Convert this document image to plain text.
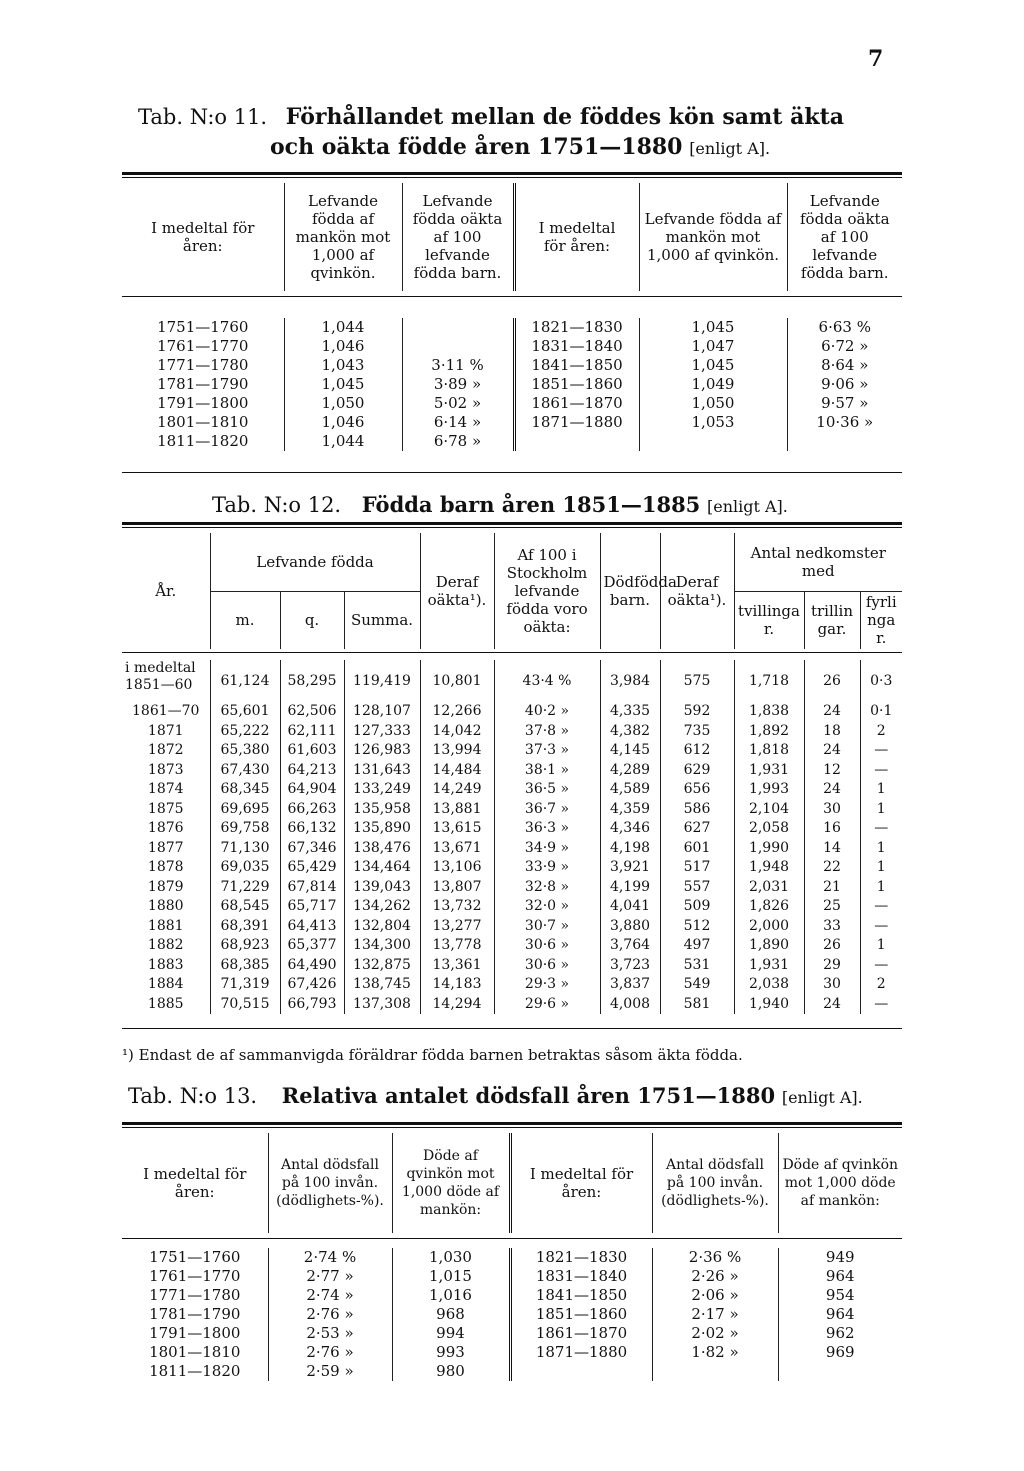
7
Tab. N:o 11. Förhållandet mellan de föddes kön samt äkta
och oäkta födde åren 1751—1880 [enligt A].
I medeltal för åren:	Lefvande födda af mankön mot 1,000 af qvinkön.	Lefvande födda oäkta af 100 lefvande födda barn.	I medeltal för åren:	Lefvande födda af mankön mot 1,000 af qvinkön.	Lefvande födda oäkta af 100 lefvande födda barn.
1751—1760	1,044		1821—1830	1,045	6·63 %
1761—1770	1,046		1831—1840	1,047	6·72 »
1771—1780	1,043	3·11 %	1841—1850	1,045	8·64 »
1781—1790	1,045	3·89 »	1851—1860	1,049	9·06 »
1791—1800	1,050	5·02 »	1861—1870	1,050	9·57 »
1801—1810	1,046	6·14 »	1871—1880	1,053	10·36 »
1811—1820	1,044	6·78 »			
Tab. N:o 12. Födda barn åren 1851—1885 [enligt A].
År.	Lefvande födda			Deraf oäkta¹).	Af 100 i Stockholm lefvande födda voro oäkta:	Dödfödda barn.	Deraf oäkta¹).	Antal nedkomster med		
	m.	q.	Summa.					tvillingar.	trillingar.	fyrlingar.
i medeltal
1851—60	61,124	58,295	119,419	10,801	43·4 %	3,984	575	1,718	26	0·3
1861—70	65,601	62,506	128,107	12,266	40·2 »	4,335	592	1,838	24	0·1
1871	65,222	62,111	127,333	14,042	37·8 »	4,382	735	1,892	18	2
1872	65,380	61,603	126,983	13,994	37·3 »	4,145	612	1,818	24	—
1873	67,430	64,213	131,643	14,484	38·1 »	4,289	629	1,931	12	—
1874	68,345	64,904	133,249	14,249	36·5 »	4,589	656	1,993	24	1
1875	69,695	66,263	135,958	13,881	36·7 »	4,359	586	2,104	30	1
1876	69,758	66,132	135,890	13,615	36·3 »	4,346	627	2,058	16	—
1877	71,130	67,346	138,476	13,671	34·9 »	4,198	601	1,990	14	1
1878	69,035	65,429	134,464	13,106	33·9 »	3,921	517	1,948	22	1
1879	71,229	67,814	139,043	13,807	32·8 »	4,199	557	2,031	21	1
1880	68,545	65,717	134,262	13,732	32·0 »	4,041	509	1,826	25	—
1881	68,391	64,413	132,804	13,277	30·7 »	3,880	512	2,000	33	—
1882	68,923	65,377	134,300	13,778	30·6 »	3,764	497	1,890	26	1
1883	68,385	64,490	132,875	13,361	30·6 »	3,723	531	1,931	29	—
1884	71,319	67,426	138,745	14,183	29·3 »	3,837	549	2,038	30	2
1885	70,515	66,793	137,308	14,294	29·6 »	4,008	581	1,940	24	—
¹) Endast de af sammanvigda föräldrar födda barnen betraktas såsom äkta födda.
Tab. N:o 13. Relativa antalet dödsfall åren 1751—1880 [enligt A].
I medeltal för åren:	Antal dödsfall på 100 invån. (dödlighets-%).	Döde af qvinkön mot 1,000 döde af mankön:	I medeltal för åren:	Antal dödsfall på 100 invån. (dödlighets-%).	Döde af qvinkön mot 1,000 döde af mankön:
1751—1760	2·74 %	1,030	1821—1830	2·36 %	949
1761—1770	2·77 »	1,015	1831—1840	2·26 »	964
1771—1780	2·74 »	1,016	1841—1850	2·06 »	954
1781—1790	2·76 »	968	1851—1860	2·17 »	964
1791—1800	2·53 »	994	1861—1870	2·02 »	962
1801—1810	2·76 »	993	1871—1880	1·82 »	969
1811—1820	2·59 »	980			
